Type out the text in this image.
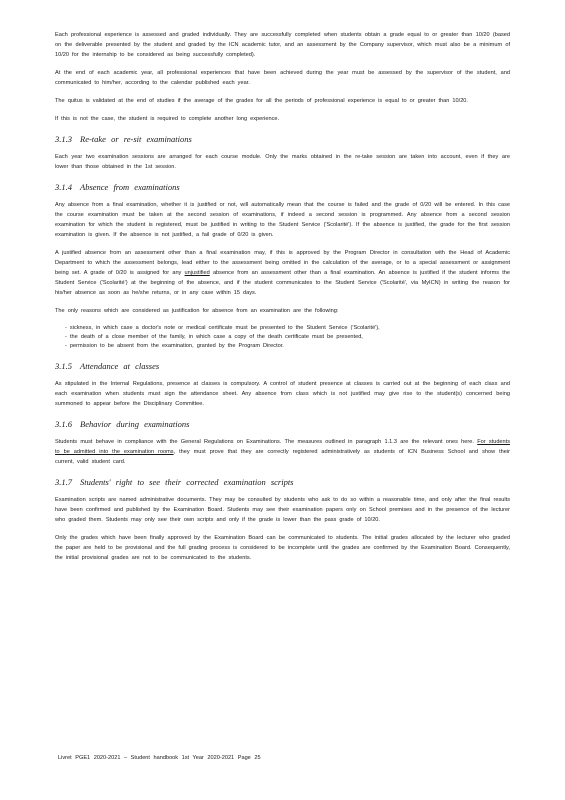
Each professional experience is assessed and graded individually. They are successfully completed when students obtain a grade equal to or greater than 10/20 (based on the deliverable presented by the student and graded by the ICN academic tutor, and an assessment by the Company supervisor, which must also be a minimum of 10/20 for the internship to be considered as being successfully completed).

At the end of each academic year, all professional experiences that have been achieved during the year must be assessed by the supervisor of the student, and communicated to him/her, according to the calendar published each year.

The quitus is validated at the end of studies if the average of the grades for all the periods of professional experience is equal to or greater than 10/20.

If this is not the case, the student is required to complete another long experience.

3.1.3 Re-take or re-sit examinations

Each year two examination sessions are arranged for each course module. Only the marks obtained in the re-take session are taken into account, even if they are lower than those obtained in the 1st session.

3.1.4 Absence from examinations

Any absence from a final examination, whether it is justified or not, will automatically mean that the course is failed and the grade of 0/20 will be entered. In this case the course examination must be taken at the second session of examinations, if indeed a second session is programmed. Any absence from a second session examination for which the student is registered, must be justified in writing to the Student Service ('Scolarité'). If the absence is justified, the grade for the first session examination is given. If the absence is not justified, a fail grade of 0/20 is given.

A justified absence from an assessment other than a final examination may, if this is approved by the Program Director in consultation with the Head of Academic Department to which the assessment belongs, lead either to the assessment being omitted in the calculation of the average, or to a special assessment or assignment being set. A grade of 0/20 is assigned for any unjustified absence from an assessment other than a final examination. An absence is justified if the student informs the Student Service ('Scolarité') at the beginning of the absence, and if the student communicates to the Student Service ('Scolarité', via MyICN) in writing the reason for his/her absence as soon as he/she returns, or in any case within 15 days.

The only reasons which are considered as justification for absence from an examination are the following:

- sickness, in which case a doctor's note or medical certificate must be presented to the Student Service ('Scolarité'),
- the death of a close member of the family, in which case a copy of the death certificate must be presented,
- permission to be absent from the examination, granted by the Program Director.
3.1.5 Attendance at classes

As stipulated in the Internal Regulations, presence at classes is compulsory. A control of student presence at classes is carried out at the beginning of each class and each examination when students must sign the attendance sheet. Any absence from class which is not justified may give rise to the student(s) concerned being summoned to appear before the Disciplinary Committee.

3.1.6 Behavior during examinations

Students must behave in compliance with the General Regulations on Examinations. The measures outlined in paragraph 1.1.3 are the relevant ones here. For students to be admitted into the examination rooms, they must prove that they are correctly registered administratively as students of ICN Business School and show their current, valid student card.

3.1.7 Students' right to see their corrected examination scripts

Examination scripts are named administrative documents. They may be consulted by students who ask to do so within a reasonable time, and only after the final results have been confirmed and published by the Examination Board. Students may see their examination papers only on School premises and in the presence of the lecturer who graded them. Students may only see their own scripts and only if the grade is lower than the pass grade of 10/20.

Only the grades which have been finally approved by the Examination Board can be communicated to students. The initial grades allocated by the lecturer who graded the paper are held to be provisional and the full grading process is considered to be incomplete until the grades are confirmed by the Examination Board. Consequently, the initial provisional grades are not to be communicated to the students.

Livret PGE1 2020-2021 – Student handbook 1st Year 2020-2021 Page 25
